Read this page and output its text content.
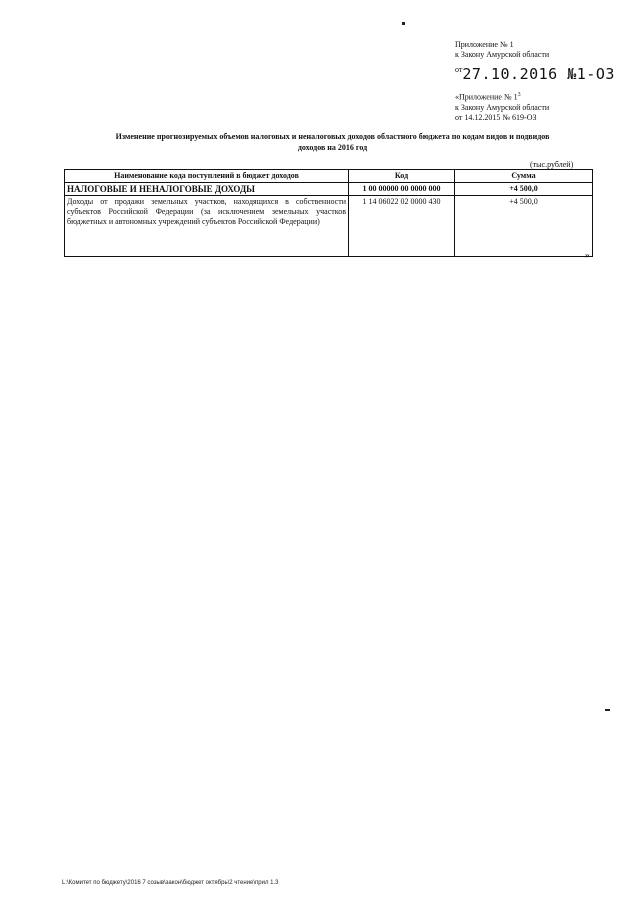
Приложение № 1
к Закону Амурской области
$^{от}$27.10.2016 №1-ОЗ
«Приложение № $1^3$
к Закону Амурской области
от 14.12.2015 № 619-ОЗ
Изменение прогнозируемых объемов налоговых и неналоговых доходов областного бюджета по кодам видов и подвидов
доходов на 2016 год
(тыс.рублей)
Наименование кода поступлений в бюджет доходов	Код	Сумма
НАЛОГОВЫЕ И НЕНАЛОГОВЫЕ ДОХОДЫ	1 00 00000 00 0000 000	+4 500,0
Доходы от продажи земельных участков, находящихся в собственности субъектов Российской Федерации (за исключением земельных участков бюджетных и автономных учреждений субъектов Российской Федерации)	1 14 06022 02 0000 430	+4 500,0
»
L:\Комитет по бюджету\2016 7 созыв\закон\бюджет октябрь\2 чтение\прил 1.3
